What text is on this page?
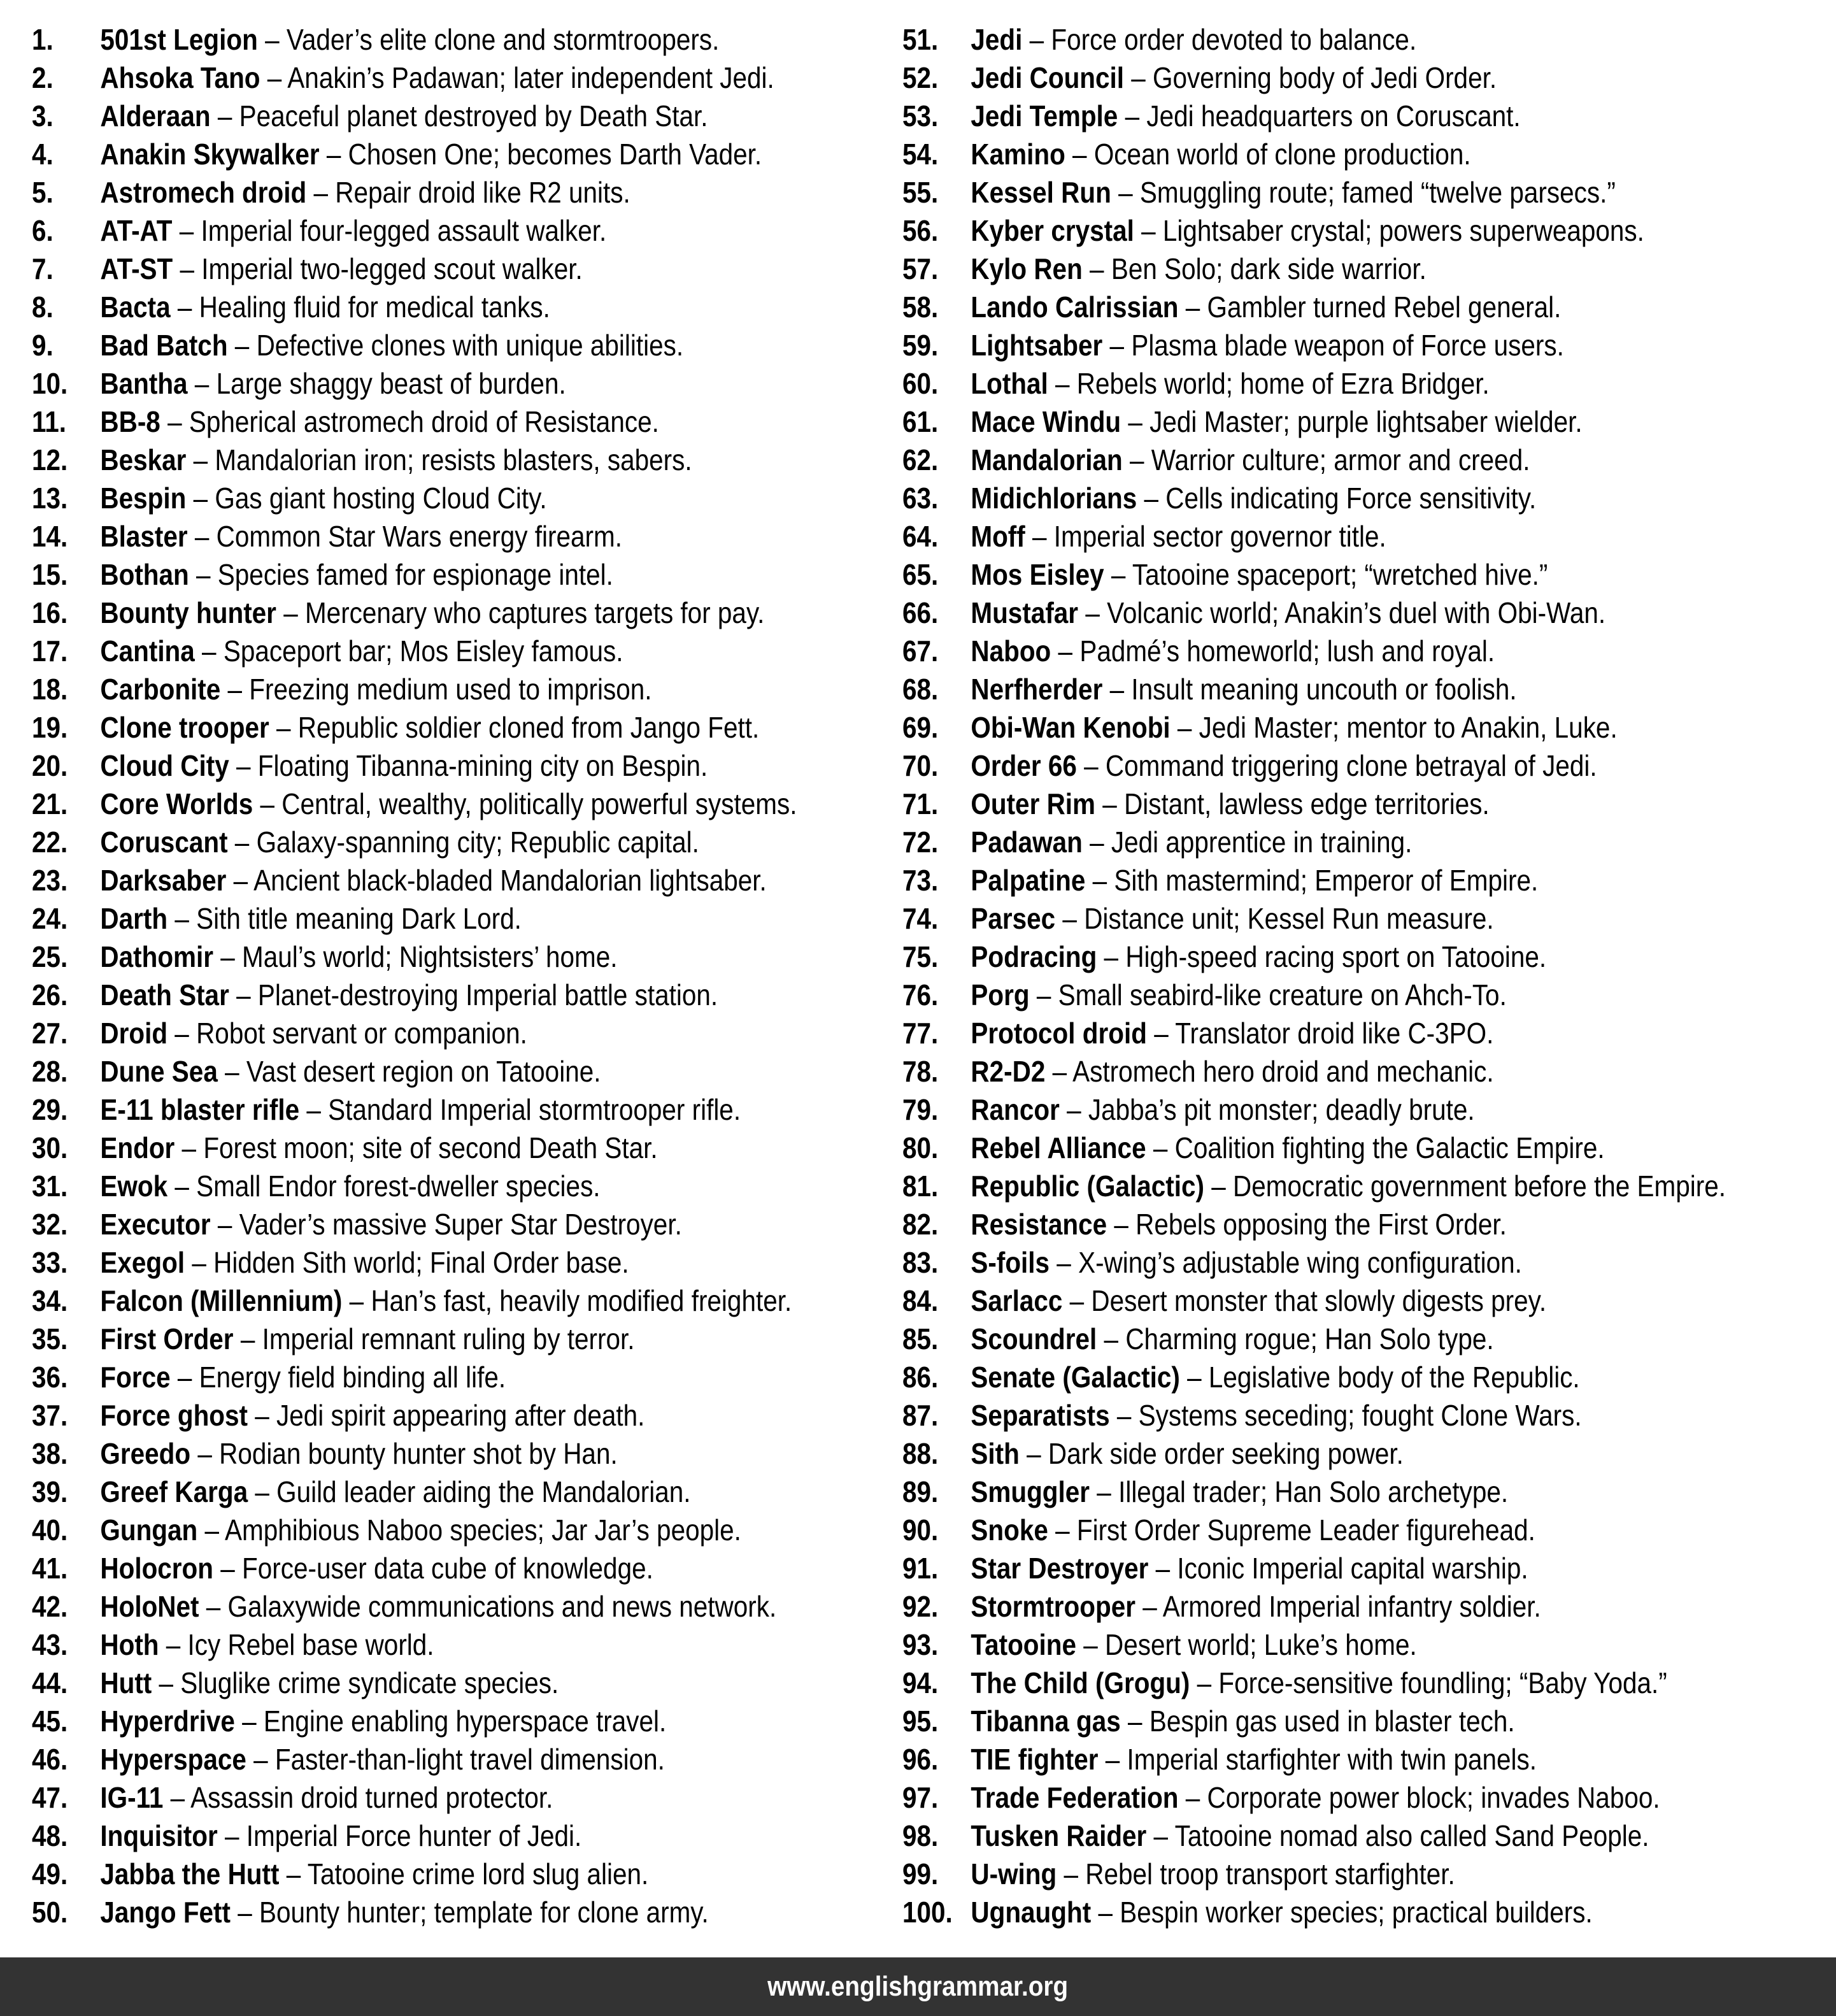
1.	501st Legion – Vader’s elite clone and stormtroopers.
2.	Ahsoka Tano – Anakin’s Padawan; later independent Jedi.
3.	Alderaan – Peaceful planet destroyed by Death Star.
4.	Anakin Skywalker – Chosen One; becomes Darth Vader.
5.	Astromech droid – Repair droid like R2 units.
6.	AT-AT – Imperial four-legged assault walker.
7.	AT-ST – Imperial two-legged scout walker.
8.	Bacta – Healing fluid for medical tanks.
9.	Bad Batch – Defective clones with unique abilities.
10.	Bantha – Large shaggy beast of burden.
11.	BB-8 – Spherical astromech droid of Resistance.
12.	Beskar – Mandalorian iron; resists blasters, sabers.
13.	Bespin – Gas giant hosting Cloud City.
14.	Blaster – Common Star Wars energy firearm.
15.	Bothan – Species famed for espionage intel.
16.	Bounty hunter – Mercenary who captures targets for pay.
17.	Cantina – Spaceport bar; Mos Eisley famous.
18.	Carbonite – Freezing medium used to imprison.
19.	Clone trooper – Republic soldier cloned from Jango Fett.
20.	Cloud City – Floating Tibanna-mining city on Bespin.
21.	Core Worlds – Central, wealthy, politically powerful systems.
22.	Coruscant – Galaxy-spanning city; Republic capital.
23.	Darksaber – Ancient black-bladed Mandalorian lightsaber.
24.	Darth – Sith title meaning Dark Lord.
25.	Dathomir – Maul’s world; Nightsisters’ home.
26.	Death Star – Planet-destroying Imperial battle station.
27.	Droid – Robot servant or companion.
28.	Dune Sea – Vast desert region on Tatooine.
29.	E-11 blaster rifle – Standard Imperial stormtrooper rifle.
30.	Endor – Forest moon; site of second Death Star.
31.	Ewok – Small Endor forest-dweller species.
32.	Executor – Vader’s massive Super Star Destroyer.
33.	Exegol – Hidden Sith world; Final Order base.
34.	Falcon (Millennium) – Han’s fast, heavily modified freighter.
35.	First Order – Imperial remnant ruling by terror.
36.	Force – Energy field binding all life.
37.	Force ghost – Jedi spirit appearing after death.
38.	Greedo – Rodian bounty hunter shot by Han.
39.	Greef Karga – Guild leader aiding the Mandalorian.
40.	Gungan – Amphibious Naboo species; Jar Jar’s people.
41.	Holocron – Force-user data cube of knowledge.
42.	HoloNet – Galaxywide communications and news network.
43.	Hoth – Icy Rebel base world.
44.	Hutt – Sluglike crime syndicate species.
45.	Hyperdrive – Engine enabling hyperspace travel.
46.	Hyperspace – Faster-than-light travel dimension.
47.	IG-11 – Assassin droid turned protector.
48.	Inquisitor – Imperial Force hunter of Jedi.
49.	Jabba the Hutt – Tatooine crime lord slug alien.
50.	Jango Fett – Bounty hunter; template for clone army.
51.	Jedi – Force order devoted to balance.
52.	Jedi Council – Governing body of Jedi Order.
53.	Jedi Temple – Jedi headquarters on Coruscant.
54.	Kamino – Ocean world of clone production.
55.	Kessel Run – Smuggling route; famed “twelve parsecs.”
56.	Kyber crystal – Lightsaber crystal; powers superweapons.
57.	Kylo Ren – Ben Solo; dark side warrior.
58.	Lando Calrissian – Gambler turned Rebel general.
59.	Lightsaber – Plasma blade weapon of Force users.
60.	Lothal – Rebels world; home of Ezra Bridger.
61.	Mace Windu – Jedi Master; purple lightsaber wielder.
62.	Mandalorian – Warrior culture; armor and creed.
63.	Midichlorians – Cells indicating Force sensitivity.
64.	Moff – Imperial sector governor title.
65.	Mos Eisley – Tatooine spaceport; “wretched hive.”
66.	Mustafar – Volcanic world; Anakin’s duel with Obi-Wan.
67.	Naboo – Padmé’s homeworld; lush and royal.
68.	Nerfherder – Insult meaning uncouth or foolish.
69.	Obi-Wan Kenobi – Jedi Master; mentor to Anakin, Luke.
70.	Order 66 – Command triggering clone betrayal of Jedi.
71.	Outer Rim – Distant, lawless edge territories.
72.	Padawan – Jedi apprentice in training.
73.	Palpatine – Sith mastermind; Emperor of Empire.
74.	Parsec – Distance unit; Kessel Run measure.
75.	Podracing – High-speed racing sport on Tatooine.
76.	Porg – Small seabird-like creature on Ahch-To.
77.	Protocol droid – Translator droid like C-3PO.
78.	R2-D2 – Astromech hero droid and mechanic.
79.	Rancor – Jabba’s pit monster; deadly brute.
80.	Rebel Alliance – Coalition fighting the Galactic Empire.
81.	Republic (Galactic) – Democratic government before the Empire.
82.	Resistance – Rebels opposing the First Order.
83.	S-foils – X-wing’s adjustable wing configuration.
84.	Sarlacc – Desert monster that slowly digests prey.
85.	Scoundrel – Charming rogue; Han Solo type.
86.	Senate (Galactic) – Legislative body of the Republic.
87.	Separatists – Systems seceding; fought Clone Wars.
88.	Sith – Dark side order seeking power.
89.	Smuggler – Illegal trader; Han Solo archetype.
90.	Snoke – First Order Supreme Leader figurehead.
91.	Star Destroyer – Iconic Imperial capital warship.
92.	Stormtrooper – Armored Imperial infantry soldier.
93.	Tatooine – Desert world; Luke’s home.
94.	The Child (Grogu) – Force-sensitive foundling; “Baby Yoda.”
95.	Tibanna gas – Bespin gas used in blaster tech.
96.	TIE fighter – Imperial starfighter with twin panels.
97.	Trade Federation – Corporate power block; invades Naboo.
98.	Tusken Raider – Tatooine nomad also called Sand People.
99.	U-wing – Rebel troop transport starfighter.
100. Ugnaught – Bespin worker species; practical builders.
www.englishgrammar.org
